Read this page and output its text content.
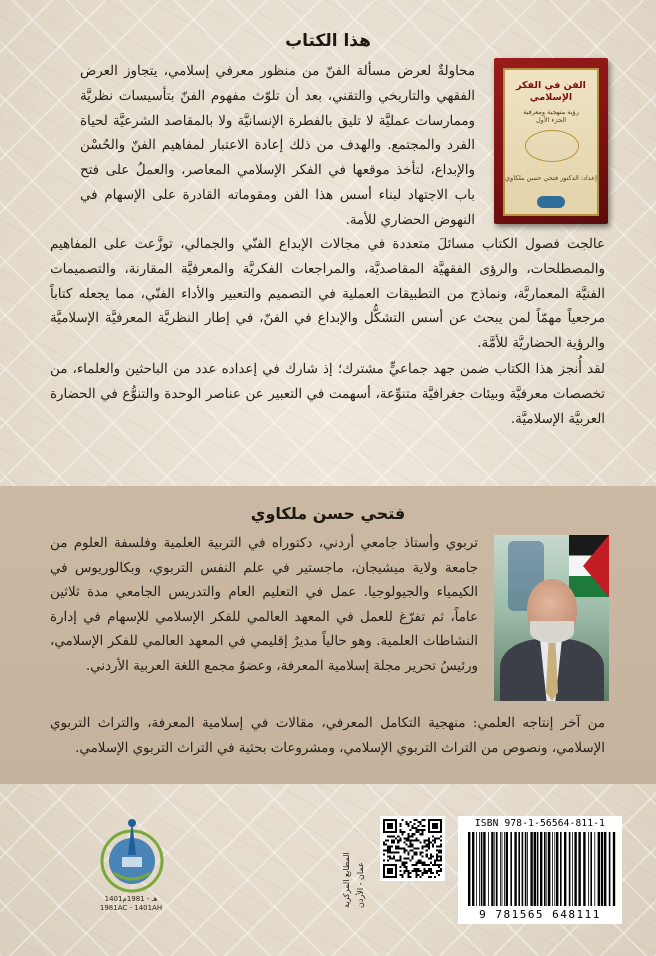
هذا الكتاب
الفن في الفكر الإسلامي
رؤية منهجية ومعرفية
الجزء الأول
إعداد: الدكتور فتحي حسن ملكاوي
محاولةٌ لعرض مسألة الفنّ من منظور معرفي إسلامي، يتجاوز العرض الفقهي والتاريخي والتقني، بعد أن تلوّث مفهوم الفنّ بتأسيسات نظريَّة وممارسات عمليَّة لا تليق بالفطرة الإنسانيَّة ولا بالمقاصد الشرعيَّة لحياة الفرد والمجتمع. والهدف من ذلك إعادة الاعتبار لمفاهيم الفنّ والحُسْن والإبداع، لتأخذ موقعها في الفكر الإسلامي المعاصر، والعملُ على فتح باب الاجتهاد لبناء أسس هذا الفن ومقوماته القادرة على الإسهام في النهوض الحضاري للأمة.
عالجت فصول الكتاب مسائلَ متعددة في مجالات الإبداع الفنّي والجمالي، توزَّعت على المفاهيم والمصطلحات، والرؤى الفقهيَّة المقاصديَّة، والمراجعات الفكريَّة والمعرفيَّة المقارنة، والتصميمات الفنيَّة المعماريَّة، ونماذج من التطبيقات العملية في التصميم والتعبير والأداء الفنّي، مما يجعله كتاباً مرجعياً مهمّاً لمن يبحث عن أسس التشكُّل والإبداع في الفنّ، في إطار النظريَّة المعرفيَّة الإسلاميَّة والرؤية الحضاريَّة للأمَّة.
لقد أُنجز هذا الكتاب ضمن جهد جماعيٍّ مشترك؛ إذ شارك في إعداده عدد من الباحثين والعلماء، من تخصصات معرفيَّة وبيئات جغرافيَّة متنوِّعة، أسهمت في التعبير عن عناصر الوحدة والتنوُّع في الحضارة العربيَّة الإسلاميَّة.
فتحي حسن ملكاوي
تربوي وأستاذ جامعي أردني، دكتوراه في التربية العلمية وفلسفة العلوم من جامعة ولاية ميشيجان، ماجستير في علم النفس التربوي، وبكالوريوس في الكيمياء والجيولوجيا. عمل في التعليم العام والتدريس الجامعي مدة ثلاثين عاماً، ثم تفرّغ للعمل في المعهد العالمي للفكر الإسلامي للإسهام في إدارة النشاطات العلمية. وهو حالياً مديرٌ إقليمي في المعهد العالمي للفكر الإسلامي، ورئيسُ تحرير مجلة إسلامية المعرفة، وعضوُ مجمع اللغة العربية الأردني.
من آخر إنتاجه العلمي: منهجية التكامل المعرفي، مقالات في إسلامية المعرفة، والتراث التربوي الإسلامي، ونصوص من التراث التربوي الإسلامي، ومشروعات بحثية في التراث التربوي الإسلامي.
1401هـ - 1981م
1981AC - 1401AH	المطابع المركزية عمان - الأردن
ISBN 978-1-56564-811-1
9 781565 648111
